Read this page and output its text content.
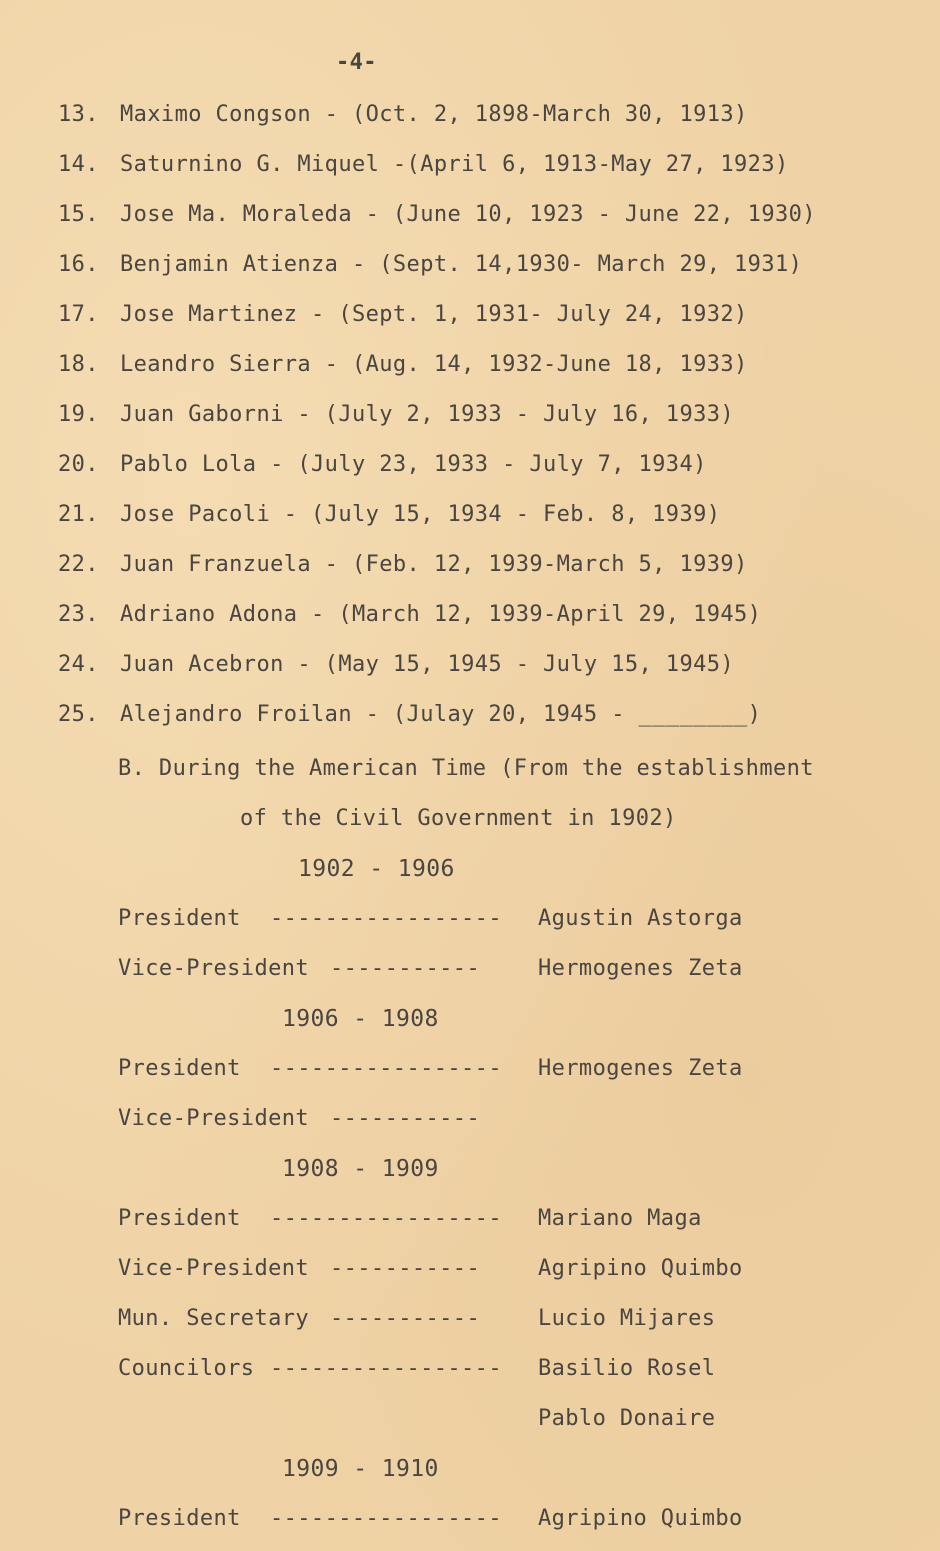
-4-
13. Maximo Congson - (Oct. 2, 1898-March 30, 1913)
14. Saturnino G. Miquel -(April 6, 1913-May 27, 1923)
15. Jose Ma. Moraleda - (June 10, 1923 - June 22, 1930)
16. Benjamin Atienza - (Sept. 14,1930- March 29, 1931)
17. Jose Martinez - (Sept. 1, 1931- July 24, 1932)
18. Leandro Sierra - (Aug. 14, 1932-June 18, 1933)
19. Juan Gaborni - (July 2, 1933 - July 16, 1933)
20. Pablo Lola - (July 23, 1933 - July 7, 1934)
21. Jose Pacoli - (July 15, 1934 - Feb. 8, 1939)
22. Juan Franzuela - (Feb. 12, 1939-March 5, 1939)
23. Adriano Adona - (March 12, 1939-April 29, 1945)
24. Juan Acebron - (May 15, 1945 - July 15, 1945)
25. Alejandro Froilan - (Julay 20, 1945 - ________)
B. During the American Time (From the establishment
of the Civil Government in 1902)
1902 - 1906
President ----------------- Agustin Astorga
Vice-President -----------	Hermogenes Zeta
1906 - 1908
President ----------------- Hermogenes Zeta
Vice-President -----------
1908 - 1909
President ----------------- Mariano Maga
Vice-President -----------	Agripino Quimbo
Mun. Secretary -----------	Lucio Mijares
Councilors ----------------- Basilio Rosel
Pablo Donaire
1909 - 1910
President ----------------- Agripino Quimbo
